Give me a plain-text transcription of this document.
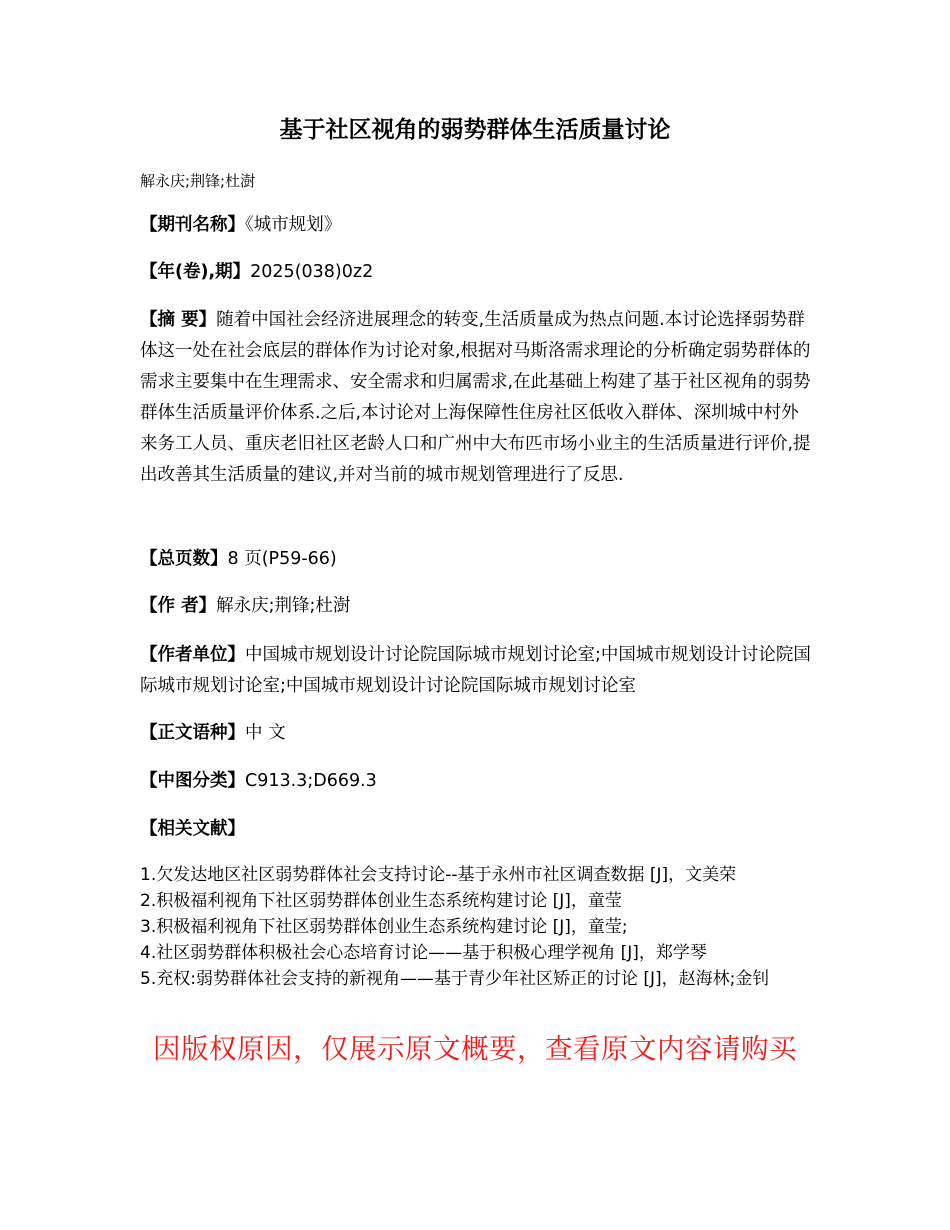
基于社区视角的弱势群体生活质量讨论
解永庆;荆锋;杜澍
【期刊名称】《城市规划》
【年(卷),期】2025(038)0z2
【摘 要】随着中国社会经济进展理念的转变,生活质量成为热点问题.本讨论选择弱势群体这一处在社会底层的群体作为讨论对象,根据对马斯洛需求理论的分析确定弱势群体的需求主要集中在生理需求、安全需求和归属需求,在此基础上构建了基于社区视角的弱势群体生活质量评价体系.之后,本讨论对上海保障性住房社区低收入群体、深圳城中村外来务工人员、重庆老旧社区老龄人口和广州中大布匹市场小业主的生活质量进行评价,提出改善其生活质量的建议,并对当前的城市规划管理进行了反思.
【总页数】8 页(P59-66)
【作 者】解永庆;荆锋;杜澍
【作者单位】中国城市规划设计讨论院国际城市规划讨论室;中国城市规划设计讨论院国际城市规划讨论室;中国城市规划设计讨论院国际城市规划讨论室
【正文语种】中 文
【中图分类】C913.3;D669.3
【相关文献】
1.欠发达地区社区弱势群体社会支持讨论--基于永州市社区调查数据 [J]，文美荣
2.积极福利视角下社区弱势群体创业生态系统构建讨论 [J]，童莹
3.积极福利视角下社区弱势群体创业生态系统构建讨论 [J]，童莹;
4.社区弱势群体积极社会心态培育讨论——基于积极心理学视角 [J]，郑学琴
5.充权:弱势群体社会支持的新视角——基于青少年社区矫正的讨论 [J]，赵海林;金钊
因版权原因，仅展示原文概要，查看原文内容请购买
